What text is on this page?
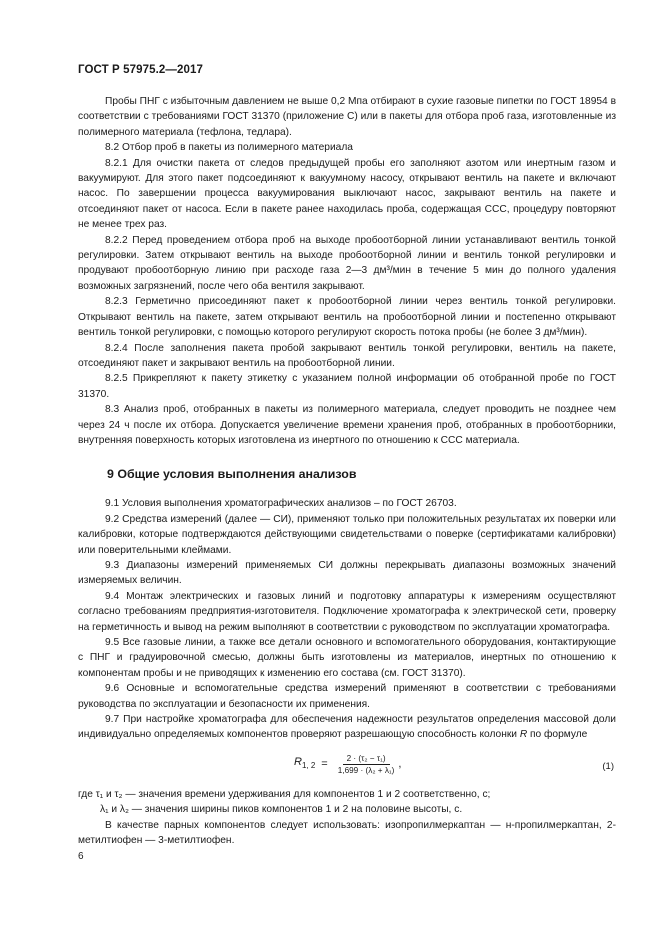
ГОСТ Р 57975.2—2017

Пробы ПНГ с избыточным давлением не выше 0,2 Мпа отбирают в сухие газовые пипетки по ГОСТ 18954 в соответствии с требованиями ГОСТ 31370 (приложение С) или в пакеты для отбора проб газа, изготовленные из полимерного материала (тефлона, тедлара).

8.2 Отбор проб в пакеты из полимерного материала

8.2.1 Для очистки пакета от следов предыдущей пробы его заполняют азотом или инертным газом и вакуумируют. Для этого пакет подсоединяют к вакуумному насосу, открывают вентиль на пакете и включают насос. По завершении процесса вакуумирования выключают насос, закрывают вентиль на пакете и отсоединяют пакет от насоса. Если в пакете ранее находилась проба, содержащая CCC, процедуру повторяют не менее трех раз.

8.2.2 Перед проведением отбора проб на выходе пробоотборной линии устанавливают вентиль тонкой регулировки. Затем открывают вентиль на выходе пробоотборной линии и вентиль тонкой регулировки и продувают пробоотборную линию при расходе газа 2—3 дм³/мин в течение 5 мин до полного удаления возможных загрязнений, после чего оба вентиля закрывают.

8.2.3 Герметично присоединяют пакет к пробоотборной линии через вентиль тонкой регулировки. Открывают вентиль на пакете, затем открывают вентиль на пробоотборной линии и постепенно открывают вентиль тонкой регулировки, с помощью которого регулируют скорость потока пробы (не более 3 дм³/мин).

8.2.4 После заполнения пакета пробой закрывают вентиль тонкой регулировки, вентиль на пакете, отсоединяют пакет и закрывают вентиль на пробоотборной линии.

8.2.5 Прикрепляют к пакету этикетку с указанием полной информации об отобранной пробе по ГОСТ 31370.

8.3 Анализ проб, отобранных в пакеты из полимерного материала, следует проводить не позднее чем через 24 ч после их отбора. Допускается увеличение времени хранения проб, отобранных в пробоотборники, внутренняя поверхность которых изготовлена из инертного по отношению к CCC материала.

9 Общие условия выполнения анализов

9.1 Условия выполнения хроматографических анализов – по ГОСТ 26703.

9.2 Средства измерений (далее — СИ), применяют только при положительных результатах их поверки или калибровки, которые подтверждаются действующими свидетельствами о поверке (сертификатами калибровки) или поверительными клеймами.

9.3 Диапазоны измерений применяемых СИ должны перекрывать диапазоны возможных значений измеряемых величин.

9.4 Монтаж электрических и газовых линий и подготовку аппаратуры к измерениям осуществляют согласно требованиям предприятия-изготовителя. Подключение хроматографа к электрической сети, проверку на герметичность и вывод на режим выполняют в соответствии с руководством по эксплуатации хроматографа.

9.5 Все газовые линии, а также все детали основного и вспомогательного оборудования, контактирующие с ПНГ и градуировочной смесью, должны быть изготовлены из материалов, инертных по отношению к компонентам пробы и не приводящих к изменению его состава (см. ГОСТ 31370).

9.6 Основные и вспомогательные средства измерений применяют в соответствии с требованиями руководства по эксплуатации и безопасности их применения.

9.7 При настройке хроматографа для обеспечения надежности результатов определения массовой доли индивидуально определяемых компонентов проверяют разрешающую способность колонки R по формуле

$R_{1, 2} = \frac{\text{2 · (τ₂ − τ₁)}}{\text{1,699 · (λ₂ + λ₁)}}$ ,	(1)

где τ₁ и τ₂ — значения времени удерживания для компонентов 1 и 2 соответственно, с;

λ₁ и λ₂ — значения ширины пиков компонентов 1 и 2 на половине высоты, с.

В качестве парных компонентов следует использовать: изопропилмеркаптан — н-пропилмеркаптан, 2-метилтиофен — 3-метилтиофен.

6
